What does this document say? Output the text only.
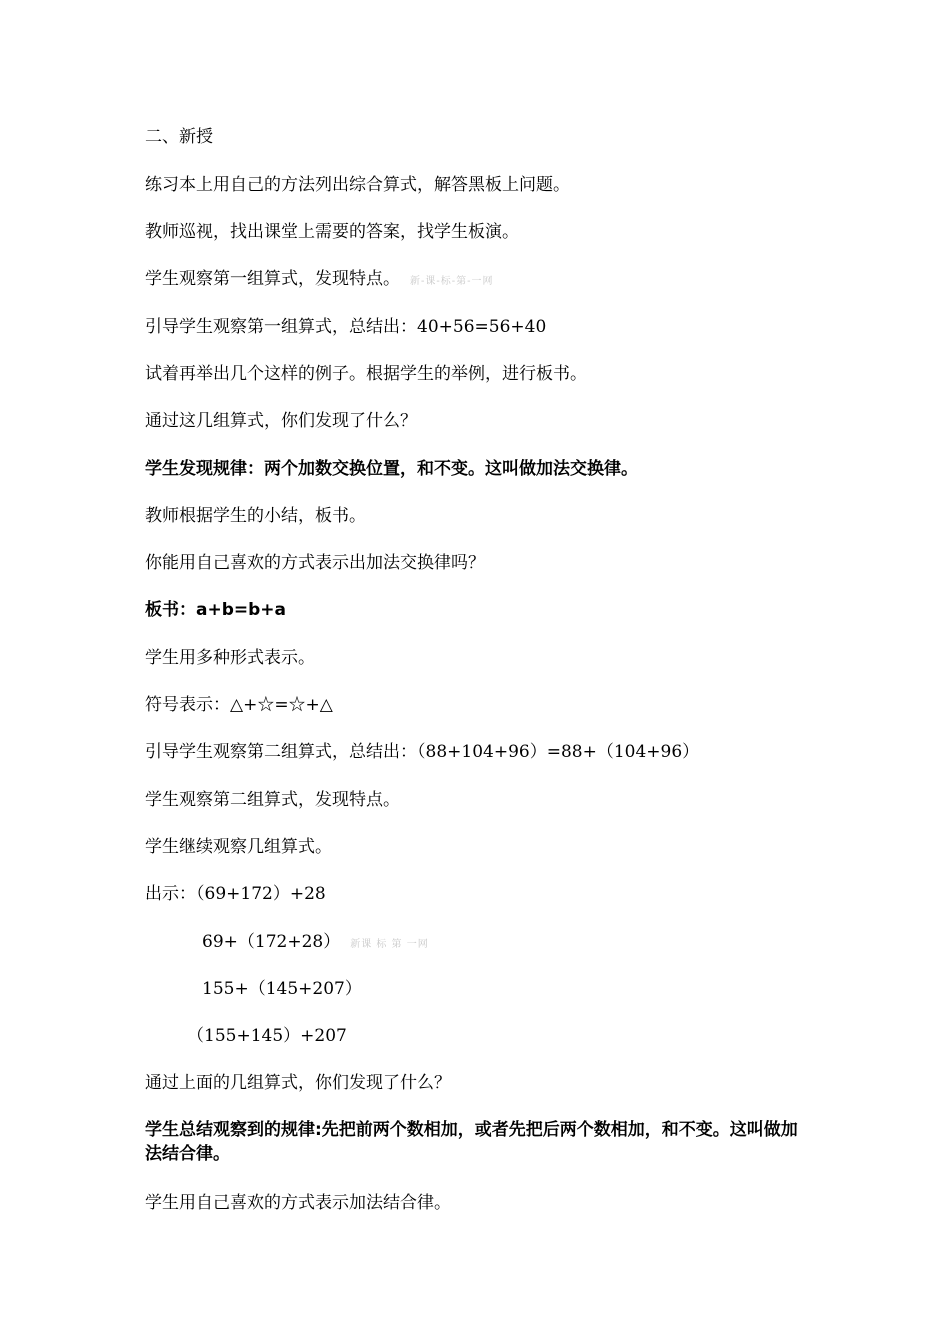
二、新授
练习本上用自己的方法列出综合算式，解答黑板上问题。
教师巡视，找出课堂上需要的答案，找学生板演。
学生观察第一组算式，发现特点。 新-课-标-第-一网
引导学生观察第一组算式，总结出：40+56=56+40
试着再举出几个这样的例子。根据学生的举例，进行板书。
通过这几组算式，你们发现了什么？
学生发现规律：两个加数交换位置，和不变。这叫做加法交换律。
教师根据学生的小结，板书。
你能用自己喜欢的方式表示出加法交换律吗？
板书：a+b=b+a
学生用多种形式表示。
符号表示：△+☆=☆+△
引导学生观察第二组算式，总结出：（88+104+96）=88+（104+96）
学生观察第二组算式，发现特点。
学生继续观察几组算式。
出示：（69+172）+28
69+（172+28） 新课 标 第 一网
155+（145+207）
（155+145）+207
通过上面的几组算式，你们发现了什么？
学生总结观察到的规律:先把前两个数相加，或者先把后两个数相加，和不变。这叫做加法结合律。
学生用自己喜欢的方式表示加法结合律。
